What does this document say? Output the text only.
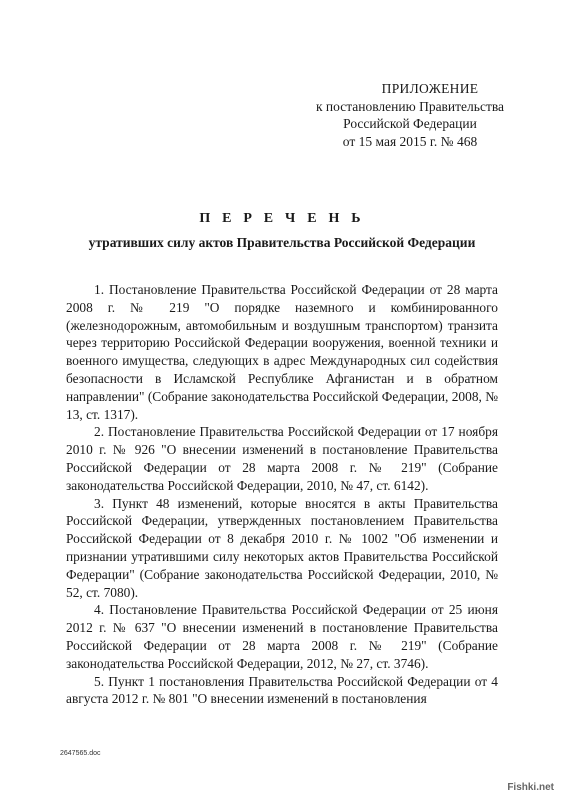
ПРИЛОЖЕНИЕ
к постановлению Правительства
Российской Федерации
от 15 мая 2015 г. № 468
П Е Р Е Ч Е Н Ь
утративших силу актов Правительства Российской Федерации

1. Постановление Правительства Российской Федерации от 28 марта 2008 г. № 219 "О порядке наземного и комбинированного (железнодорожным, автомобильным и воздушным транспортом) транзита через территорию Российской Федерации вооружения, военной техники и военного имущества, следующих в адрес Международных сил содействия безопасности в Исламской Республике Афганистан и в обратном направлении" (Собрание законодательства Российской Федерации, 2008, № 13, ст. 1317).

2. Постановление Правительства Российской Федерации от 17 ноября 2010 г. № 926 "О внесении изменений в постановление Правительства Российской Федерации от 28 марта 2008 г. № 219" (Собрание законодательства Российской Федерации, 2010, № 47, ст. 6142).

3. Пункт 48 изменений, которые вносятся в акты Правительства Российской Федерации, утвержденных постановлением Правительства Российской Федерации от 8 декабря 2010 г. № 1002 "Об изменении и признании утратившими силу некоторых актов Правительства Российской Федерации" (Собрание законодательства Российской Федерации, 2010, № 52, ст. 7080).

4. Постановление Правительства Российской Федерации от 25 июня 2012 г. № 637 "О внесении изменений в постановление Правительства Российской Федерации от 28 марта 2008 г. № 219" (Собрание законодательства Российской Федерации, 2012, № 27, ст. 3746).

5. Пункт 1 постановления Правительства Российской Федерации от 4 августа 2012 г. № 801 "О внесении изменений в постановления

2647565.doc
Fishki.net
